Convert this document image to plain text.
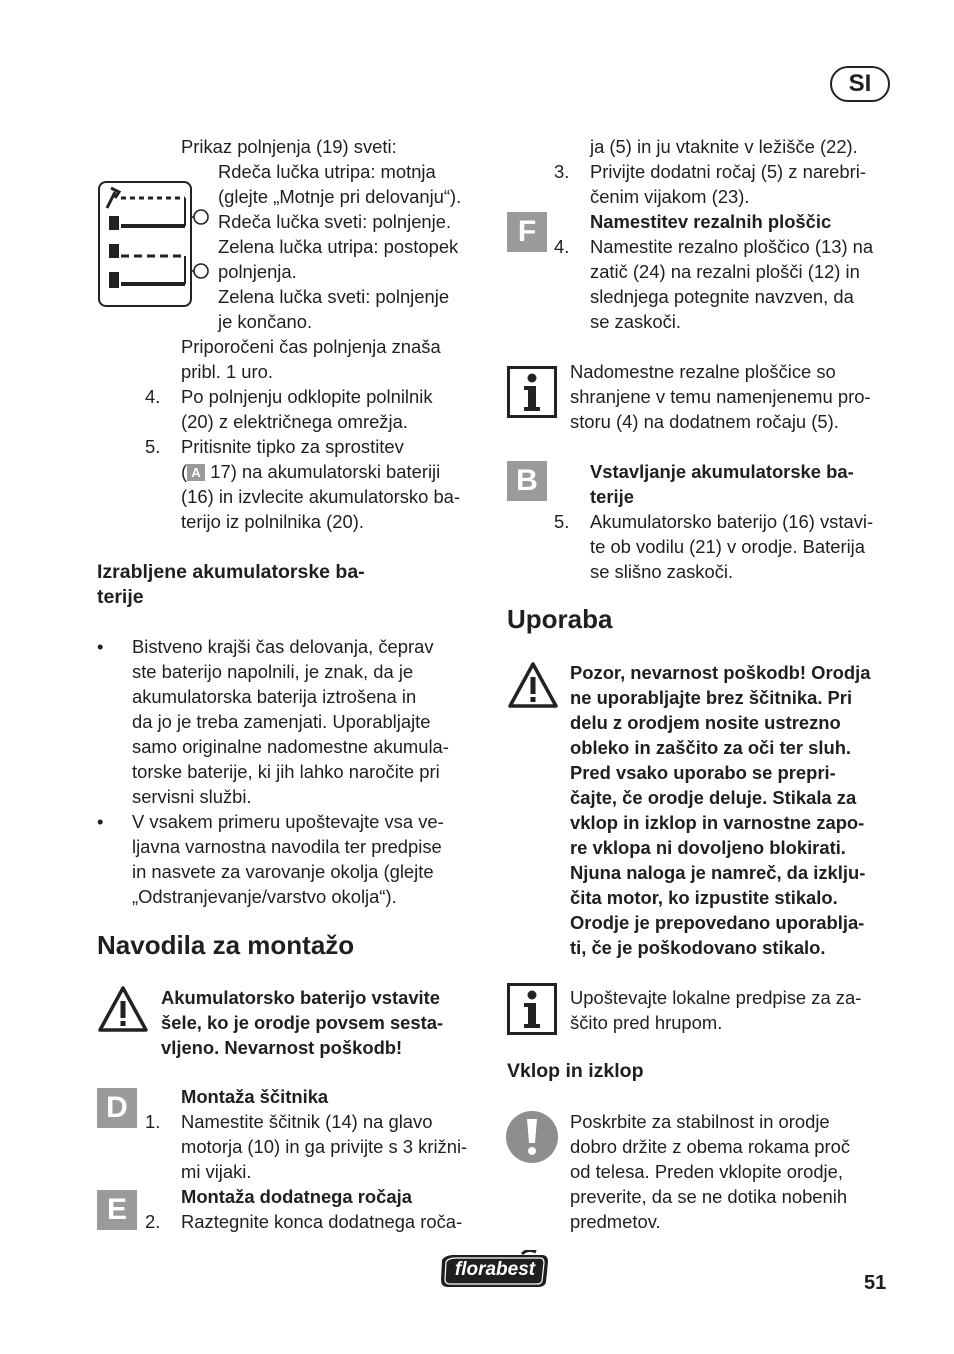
SI
Prikaz polnjenja (19) sveti:
Rdeča lučka utripa: motnja
(glejte „Motnje pri delovanju“).
Rdeča lučka sveti: polnjenje.
Zelena lučka utripa: postopek
polnjenja.
Zelena lučka sveti: polnjenje
je končano.
Priporočeni čas polnjenja znaša
pribl. 1 uro.
4. Po polnjenju odklopite polnilnik
(20) z električnega omrežja.
5. Pritisnite tipko za sprostitev
( A 17) na akumulatorski bateriji
(16) in izvlecite akumulatorsko ba-
terijo iz polnilnika (20).
Izrabljene akumulatorske ba-
terije
• Bistveno krajši čas delovanja, čeprav
ste baterijo napolnili, je znak, da je
akumulatorska baterija iztrošena in
da jo je treba zamenjati. Uporabljajte
samo originalne nadomestne akumula-
torske baterije, ki jih lahko naročite pri
servisni službi.
• V vsakem primeru upoštevajte vsa ve-
ljavna varnostna navodila ter predpise
in nasvete za varovanje okolja (glejte
„Odstranjevanje/varstvo okolja“).
Navodila za montažo
Akumulatorsko baterijo vstavite
šele, ko je orodje povsem sesta-
vljeno. Nevarnost poškodb!
D	Montaža ščitnika
1. Namestite ščitnik (14) na glavo
motorja (10) in ga privijte s 3 križni-
mi vijaki.
E	Montaža dodatnega ročaja
2. Raztegnite konca dodatnega roča-
ja (5) in ju vtaknite v ležišče (22).
3. Privijte dodatni ročaj (5) z narebri-
čenim vijakom (23).
F	Namestitev rezalnih ploščic
4. Namestite rezalno ploščico (13) na
zatič (24) na rezalni plošči (12) in
slednjega potegnite navzven, da
se zaskoči.
Nadomestne rezalne ploščice so
shranjene v temu namenjenemu pro-
storu (4) na dodatnem ročaju (5).
B	Vstavljanje akumulatorske ba-
terije
5. Akumulatorsko baterijo (16) vstavi-
te ob vodilu (21) v orodje. Baterija
se slišno zaskoči.
Uporaba
Pozor, nevarnost poškodb! Orodja
ne uporabljajte brez ščitnika. Pri
delu z orodjem nosite ustrezno
obleko in zaščito za oči ter sluh.
Pred vsako uporabo se prepri-
čajte, če orodje deluje. Stikala za
vklop in izklop in varnostne zapo-
re vklopa ni dovoljeno blokirati.
Njuna naloga je namreč, da izklju-
čita motor, ko izpustite stikalo.
Orodje je prepovedano uporablja-
ti, če je poškodovano stikalo.
Upoštevajte lokalne predpise za za-
ščito pred hrupom.
Vklop in izklop
Poskrbite za stabilnost in orodje
dobro držite z obema rokama proč
od telesa. Preden vklopite orodje,
preverite, da se ne dotika nobenih
predmetov.
florabest
51
